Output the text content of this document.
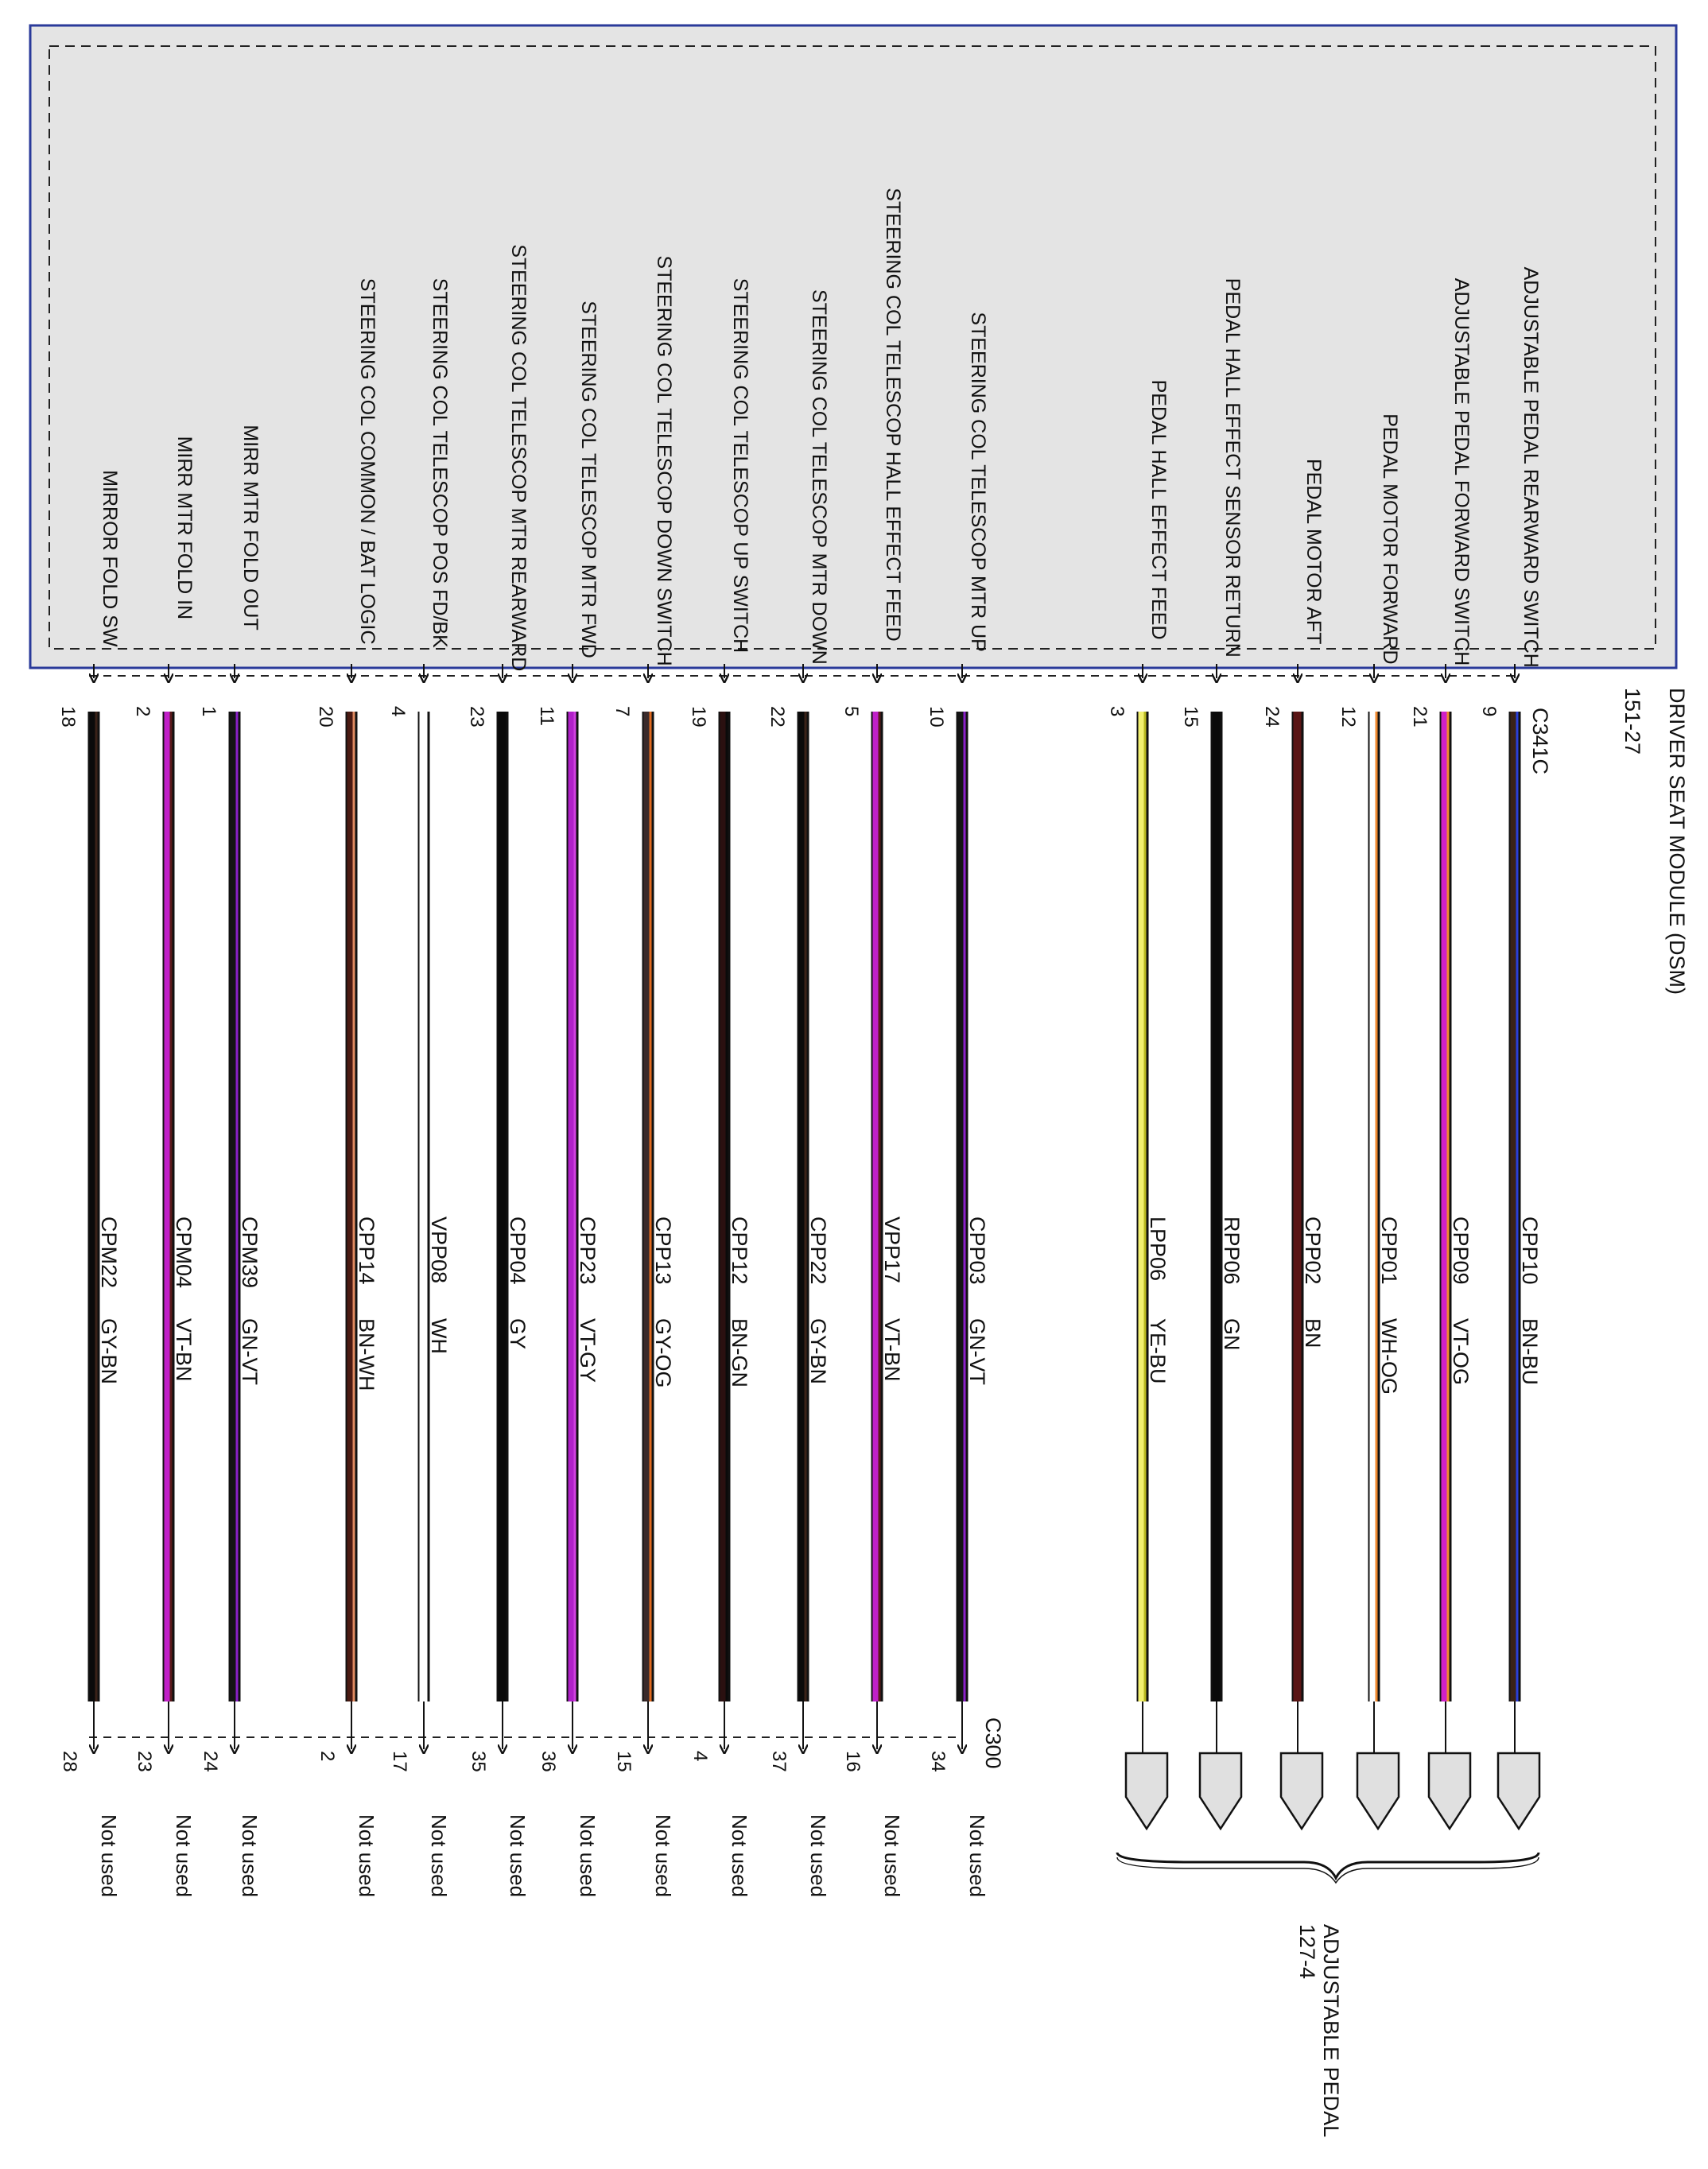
DRIVER SEAT MODULE (DSM)
151-27
C341C
C300
ADJUSTABLE PEDAL
127-4
ADJUSTABLE PEDAL REARWARD SWITCH
9
CPP10
BN-BU
ADJUSTABLE PEDAL FORWARD SWITCH
21
CPP09
VT-OG
PEDAL MOTOR FORWARD
12
CPP01
WH-OG
PEDAL MOTOR AFT
24
CPP02
BN
PEDAL HALL EFFECT SENSOR RETURN
15
RPP06
GN
PEDAL HALL EFFECT FEED
3
LPP06
YE-BU
STEERING COL TELESCOP MTR UP
10
CPP03
GN-VT
34
Not used
STEERING COL TELESCOP HALL EFFECT FEED
5
VPP17
VT-BN
16
Not used
STEERING COL TELESCOP MTR DOWN
22
CPP22
GY-BN
37
Not used
STEERING COL TELESCOP UP SWITCH
19
CPP12
BN-GN
4
Not used
STEERING COL TELESCOP DOWN SWITCH
7
CPP13
GY-OG
15
Not used
STEERING COL TELESCOP MTR FWD
11
CPP23
VT-GY
36
Not used
STEERING COL TELESCOP MTR REARWARD
23
CPP04
GY
35
Not used
STEERING COL TELESCOP POS FD/BK
4
VPP08
WH
17
Not used
STEERING COL COMMON / BAT LOGIC
20
CPP14
BN-WH
2
Not used
MIRR MTR FOLD OUT
1
CPM39
GN-VT
24
Not used
MIRR MTR FOLD IN
2
CPM04
VT-BN
23
Not used
MIRROR FOLD SW
18
CPM22
GY-BN
28
Not used
